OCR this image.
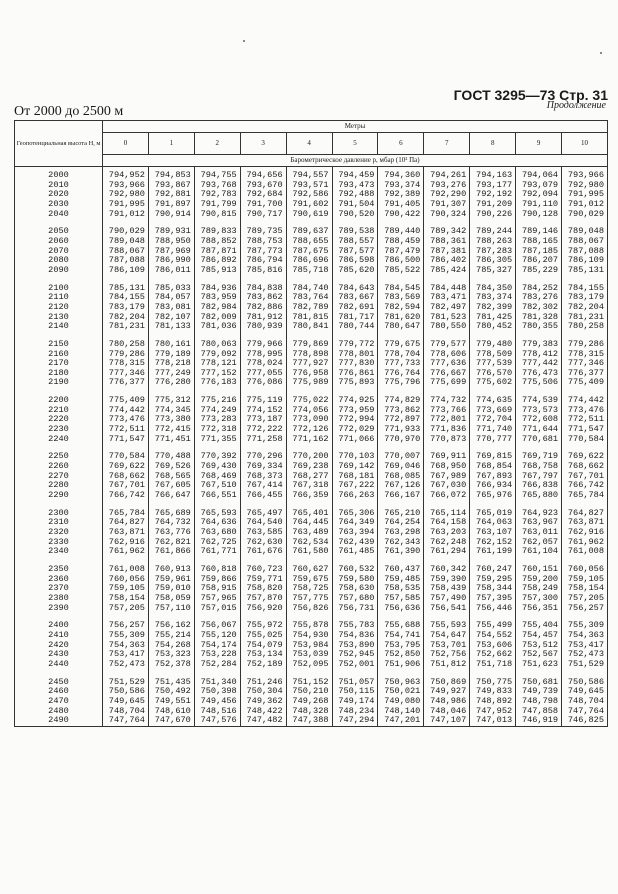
ГОСТ 3295—73 Стр. 31
Продолжение
От 2000 до 2500 м
Геопотенциальная высота H, м	Метры										
	0	1	2	3	4	5	6	7	8	9	10
	Барометрическое давление p, мбар (10² Па)										

2000	794,952	794,853	794,755	794,656	794,557	794,459	794,360	794,261	794,163	794,064	793,966
2010	793,966	793,867	793,768	793,670	793,571	793,473	793,374	793,276	793,177	793,079	792,980
2020	792,980	792,881	792,783	792,684	792,586	792,488	792,389	792,290	792,192	792,094	791,995
2030	791,995	791,897	791,799	791,700	791,602	791,504	791,405	791,307	791,209	791,110	791,012
2040	791,012	790,914	790,815	790,717	790,619	790,520	790,422	790,324	790,226	790,128	790,029

2050	790,029	789,931	789,833	789,735	789,637	789,538	789,440	789,342	789,244	789,146	789,048
2060	789,048	788,950	788,852	788,753	788,655	788,557	788,459	788,361	788,263	788,165	788,067
2070	788,067	787,969	787,871	787,773	787,675	787,577	787,479	787,381	787,283	787,185	787,088
2080	787,088	786,990	786,892	786,794	786,696	786,598	786,500	786,402	786,305	786,207	786,109
2090	786,109	786,011	785,913	785,816	785,718	785,620	785,522	785,424	785,327	785,229	785,131

2100	785,131	785,033	784,936	784,838	784,740	784,643	784,545	784,448	784,350	784,252	784,155
2110	784,155	784,057	783,959	783,862	783,764	783,667	783,569	783,471	783,374	783,276	783,179
2120	783,179	783,081	782,984	782,886	782,789	782,691	782,594	782,497	782,399	782,302	782,204
2130	782,204	782,107	782,009	781,912	781,815	781,717	781,620	781,523	781,425	781,328	781,231
2140	781,231	781,133	781,036	780,939	780,841	780,744	780,647	780,550	780,452	780,355	780,258

2150	780,258	780,161	780,063	779,966	779,869	779,772	779,675	779,577	779,480	779,383	779,286
2160	779,286	779,189	779,092	778,995	778,898	778,801	778,704	778,606	778,509	778,412	778,315
2170	778,315	778,218	778,121	778,024	777,927	777,830	777,733	777,636	777,539	777,442	777,346
2180	777,346	777,249	777,152	777,055	776,958	776,861	776,764	776,667	776,570	776,473	776,377
2190	776,377	776,280	776,183	776,086	775,989	775,893	775,796	775,699	775,602	775,506	775,409

2200	775,409	775,312	775,216	775,119	775,022	774,925	774,829	774,732	774,635	774,539	774,442
2210	774,442	774,345	774,249	774,152	774,056	773,959	773,862	773,766	773,669	773,573	773,476
2220	773,476	773,380	773,283	773,187	773,090	772,994	772,897	772,801	772,704	772,608	772,511
2230	772,511	772,415	772,318	772,222	772,126	772,029	771,933	771,836	771,740	771,644	771,547
2240	771,547	771,451	771,355	771,258	771,162	771,066	770,970	770,873	770,777	770,681	770,584

2250	770,584	770,488	770,392	770,296	770,200	770,103	770,007	769,911	769,815	769,719	769,622
2260	769,622	769,526	769,430	769,334	769,238	769,142	769,046	768,950	768,854	768,758	768,662
2270	768,662	768,565	768,469	768,373	768,277	768,181	768,085	767,989	767,893	767,797	767,701
2280	767,701	767,605	767,510	767,414	767,318	767,222	767,126	767,030	766,934	766,838	766,742
2290	766,742	766,647	766,551	766,455	766,359	766,263	766,167	766,072	765,976	765,880	765,784

2300	765,784	765,689	765,593	765,497	765,401	765,306	765,210	765,114	765,019	764,923	764,827
2310	764,827	764,732	764,636	764,540	764,445	764,349	764,254	764,158	764,063	763,967	763,871
2320	763,871	763,776	763,680	763,585	763,489	763,394	763,298	763,203	763,107	763,011	762,916
2330	762,916	762,821	762,725	762,630	762,534	762,439	762,343	762,248	762,152	762,057	761,962
2340	761,962	761,866	761,771	761,676	761,580	761,485	761,390	761,294	761,199	761,104	761,008

2350	761,008	760,913	760,818	760,723	760,627	760,532	760,437	760,342	760,247	760,151	760,056
2360	760,056	759,961	759,866	759,771	759,675	759,580	759,485	759,390	759,295	759,200	759,105
2370	759,105	759,010	758,915	758,820	758,725	758,630	758,535	758,439	758,344	758,249	758,154
2380	758,154	758,059	757,965	757,870	757,775	757,680	757,585	757,490	757,395	757,300	757,205
2390	757,205	757,110	757,015	756,920	756,826	756,731	756,636	756,541	756,446	756,351	756,257

2400	756,257	756,162	756,067	755,972	755,878	755,783	755,688	755,593	755,499	755,404	755,309
2410	755,309	755,214	755,120	755,025	754,930	754,836	754,741	754,647	754,552	754,457	754,363
2420	754,363	754,268	754,174	754,079	753,984	753,890	753,795	753,701	753,606	753,512	753,417
2430	753,417	753,323	753,228	753,134	753,039	752,945	752,850	752,756	752,662	752,567	752,473
2440	752,473	752,378	752,284	752,189	752,095	752,001	751,906	751,812	751,718	751,623	751,529

2450	751,529	751,435	751,340	751,246	751,152	751,057	750,963	750,869	750,775	750,681	750,586
2460	750,586	750,492	750,398	750,304	750,210	750,115	750,021	749,927	749,833	749,739	749,645
2470	749,645	749,551	749,456	749,362	749,268	749,174	749,080	748,986	748,892	748,798	748,704
2480	748,704	748,610	748,516	748,422	748,328	748,234	748,140	748,046	747,952	747,858	747,764
2490	747,764	747,670	747,576	747,482	747,388	747,294	747,201	747,107	747,013	746,919	746,825
